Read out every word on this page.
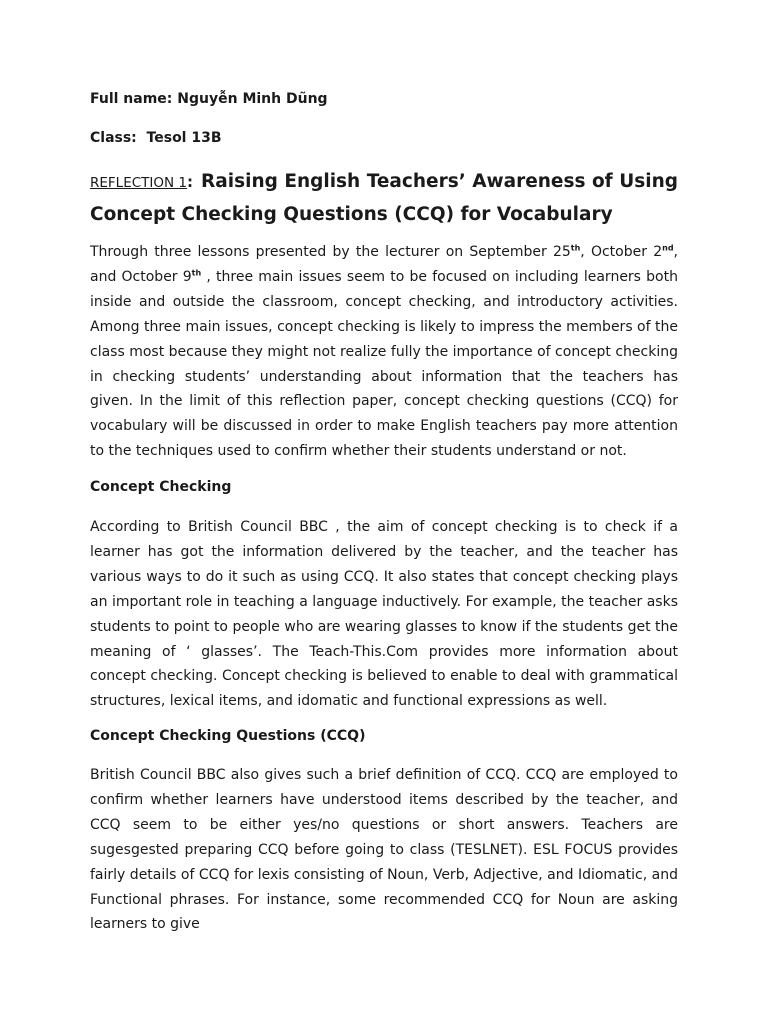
Full name: Nguyễn Minh Dũng

Class: Tesol 13B

REFLECTION 1: Raising English Teachers’ Awareness of Using Concept Checking Questions (CCQ) for Vocabulary

Through three lessons presented by the lecturer on September 25th, October 2nd, and October 9th , three main issues seem to be focused on including learners both inside and outside the classroom, concept checking, and introductory activities. Among three main issues, concept checking is likely to impress the members of the class most because they might not realize fully the importance of concept checking in checking students’ understanding about information that the teachers has given. In the limit of this reflection paper, concept checking questions (CCQ) for vocabulary will be discussed in order to make English teachers pay more attention to the techniques used to confirm whether their students understand or not.

Concept Checking

According to British Council BBC , the aim of concept checking is to check if a learner has got the information delivered by the teacher, and the teacher has various ways to do it such as using CCQ. It also states that concept checking plays an important role in teaching a language inductively. For example, the teacher asks students to point to people who are wearing glasses to know if the students get the meaning of ‘ glasses’. The Teach-This.Com provides more information about concept checking. Concept checking is believed to enable to deal with grammatical structures, lexical items, and idomatic and functional expressions as well.

Concept Checking Questions (CCQ)

British Council BBC also gives such a brief definition of CCQ. CCQ are employed to confirm whether learners have understood items described by the teacher, and CCQ seem to be either yes/no questions or short answers. Teachers are sugesgested preparing CCQ before going to class (TESLNET). ESL FOCUS provides fairly details of CCQ for lexis consisting of Noun, Verb, Adjective, and Idiomatic, and Functional phrases. For instance, some recommended CCQ for Noun are asking learners to give
